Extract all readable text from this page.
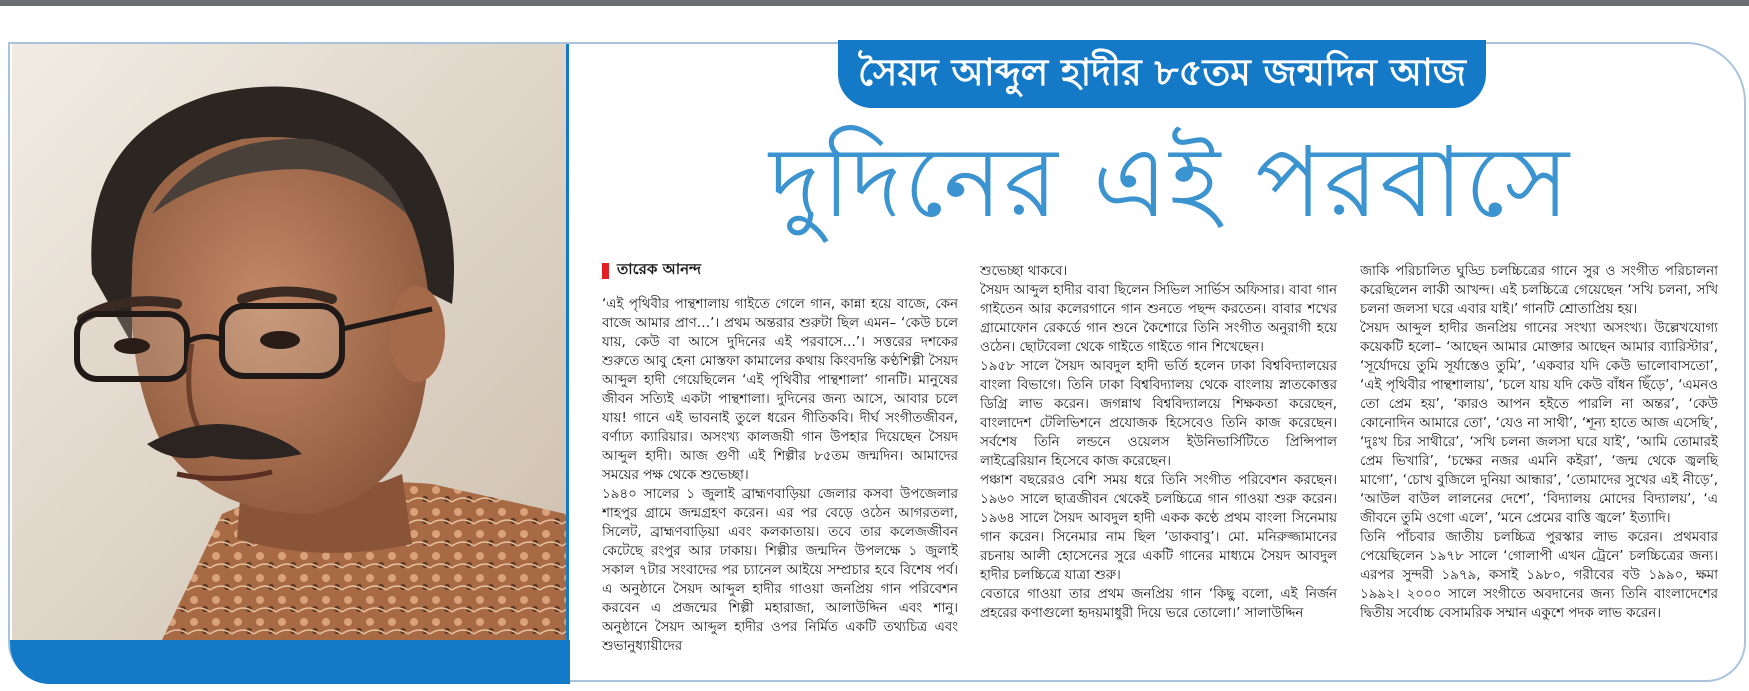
সৈয়দ আব্দুল হাদীর ৮৫তম জন্মদিন আজ
দুদিনের এই পরবাসে
তারেক আনন্দ

‘এই পৃথিবীর পান্থশালায় গাইতে গেলে গান, কান্না হয়ে বাজে, কেন বাজে আমার প্রাণ…’। প্রথম অন্তরার শুরুটা ছিল এমন– ‘কেউ চলে যায়, কেউ বা আসে দুদিনের এই পরবাসে…’। সত্তরের দশকের শুরুতে আবু হেনা মোস্তফা কামালের কথায় কিংবদন্তি কণ্ঠশিল্পী সৈয়দ আব্দুল হাদী গেয়েছিলেন ‘এই পৃথিবীর পান্থশালা’ গানটি। মানুষের জীবন সত্যিই একটা পান্থশালা। দুদিনের জন্য আসে, আবার চলে যায়! গানে এই ভাবনাই তুলে ধরেন গীতিকবি। দীর্ঘ সংগীতজীবন, বর্ণাঢ্য ক্যারিয়ার। অসংখ্য কালজয়ী গান উপহার দিয়েছেন সৈয়দ আব্দুল হাদী। আজ গুণী এই শিল্পীর ৮৫তম জন্মদিন। আমাদের সময়ের পক্ষ থেকে শুভেচ্ছা।

১৯৪০ সালের ১ জুলাই ব্রাহ্মণবাড়িয়া জেলার কসবা উপজেলার শাহপুর গ্রামে জন্মগ্রহণ করেন। এর পর বেড়ে ওঠেন আগরতলা, সিলেট, ব্রাহ্মণবাড়িয়া এবং কলকাতায়। তবে তার কলেজজীবন কেটেছে রংপুর আর ঢাকায়। শিল্পীর জন্মদিন উপলক্ষে ১ জুলাই সকাল ৭টার সংবাদের পর চ্যানেল আইয়ে সম্প্রচার হবে বিশেষ পর্ব। এ অনুষ্ঠানে সৈয়দ আব্দুল হাদীর গাওয়া জনপ্রিয় গান পরিবেশন করবেন এ প্রজন্মের শিল্পী মহারাজা, আলাউদ্দিন এবং শানু। অনুষ্ঠানে সৈয়দ আব্দুল হাদীর ওপর নির্মিত একটি তথ্যচিত্র এবং শুভানুধ্যায়ীদের

শুভেচ্ছা থাকবে।

সৈয়দ আব্দুল হাদীর বাবা ছিলেন সিভিল সার্ভিস অফিসার। বাবা গান গাইতেন আর কলেরগানে গান শুনতে পছন্দ করতেন। বাবার শখের গ্রামোফোন রেকর্ডে গান শুনে কৈশোরে তিনি সংগীত অনুরাগী হয়ে ওঠেন। ছোটবেলা থেকে গাইতে গাইতে গান শিখেছেন।

১৯৫৮ সালে সৈয়দ আবদুল হাদী ভর্তি হলেন ঢাকা বিশ্ববিদ্যালয়ের বাংলা বিভাগে। তিনি ঢাকা বিশ্ববিদ্যালয় থেকে বাংলায় স্নাতকোত্তর ডিগ্রি লাভ করেন। জগন্নাথ বিশ্ববিদ্যালয়ে শিক্ষকতা করেছেন, বাংলাদেশ টেলিভিশনে প্রযোজক হিসেবেও তিনি কাজ করেছেন। সর্বশেষ তিনি লন্ডনে ওয়েলস ইউনিভার্সিটিতে প্রিন্সিপাল লাইব্রেরিয়ান হিসেবে কাজ করেছেন।

পঞ্চাশ বছরেরও বেশি সময় ধরে তিনি সংগীত পরিবেশন করছেন। ১৯৬০ সালে ছাত্রজীবন থেকেই চলচ্চিত্রে গান গাওয়া শুরু করেন। ১৯৬৪ সালে সৈয়দ আবদুল হাদী একক কণ্ঠে প্রথম বাংলা সিনেমায় গান করেন। সিনেমার নাম ছিল ‘ডাকবাবু’। মো. মনিরুজ্জামানের রচনায় আলী হোসেনের সুরে একটি গানের মাধ্যমে সৈয়দ আবদুল হাদীর চলচ্চিত্রে যাত্রা শুরু।

বেতারে গাওয়া তার প্রথম জনপ্রিয় গান ‘কিছু বলো, এই নির্জন প্রহরের কণাগুলো হৃদয়মাধুরী দিয়ে ভরে তোলো।’ সালাউদ্দিন

জাকি পরিচালিত ঘুড্ডি চলচ্চিত্রের গানে সুর ও সংগীত পরিচালনা করেছিলেন লাকী আখন্দ। এই চলচ্চিত্রে গেয়েছেন ‘সখি চলনা, সখি চলনা জলসা ঘরে এবার যাই।’ গানটি শ্রোতাপ্রিয় হয়।

সৈয়দ আব্দুল হাদীর জনপ্রিয় গানের সংখ্যা অসংখ্য। উল্লেখযোগ্য কয়েকটি হলো– ‘আছেন আমার মোক্তার আছেন আমার ব্যারিস্টার’, ‘সূর্যোদয়ে তুমি সূর্যাস্তেও তুমি’, ‘একবার যদি কেউ ভালোবাসতো’, ‘এই পৃথিবীর পান্থশালায়’, ‘চলে যায় যদি কেউ বাঁধন ছিঁড়ে’, ‘এমনও তো প্রেম হয়’, ‘কারও আপন হইতে পারলি না অন্তর’, ‘কেউ কোনোদিন আমারে তো’, ‘যেও না সাথী’, ‘শূন্য হাতে আজ এসেছি’, ‘দুঃখ চির সাথীরে’, ‘সখি চলনা জলসা ঘরে যাই’, ‘আমি তোমারই প্রেম ভিখারি’, ‘চক্ষের নজর এমনি কইরা’, ‘জন্ম থেকে জ্বলছি মাগো’, ‘চোখ বুজিলে দুনিয়া আন্ধার’, ‘তোমাদের সুখের এই নীড়ে’, ‘আউল বাউল লালনের দেশে’, ‘বিদ্যালয় মোদের বিদ্যালয়’, ‘এ জীবনে তুমি ওগো এলে’, ‘মনে প্রেমের বাত্তি জ্বলে’ ইত্যাদি।

তিনি পাঁচবার জাতীয় চলচ্চিত্র পুরস্কার লাভ করেন। প্রথমবার পেয়েছিলেন ১৯৭৮ সালে ‘গোলাপী এখন ট্রেনে’ চলচ্চিত্রের জন্য। এরপর সুন্দরী ১৯৭৯, কসাই ১৯৮০, গরীবের বউ ১৯৯০, ক্ষমা ১৯৯২। ২০০০ সালে সংগীতে অবদানের জন্য তিনি বাংলাদেশের দ্বিতীয় সর্বোচ্চ বেসামরিক সম্মান একুশে পদক লাভ করেন।
